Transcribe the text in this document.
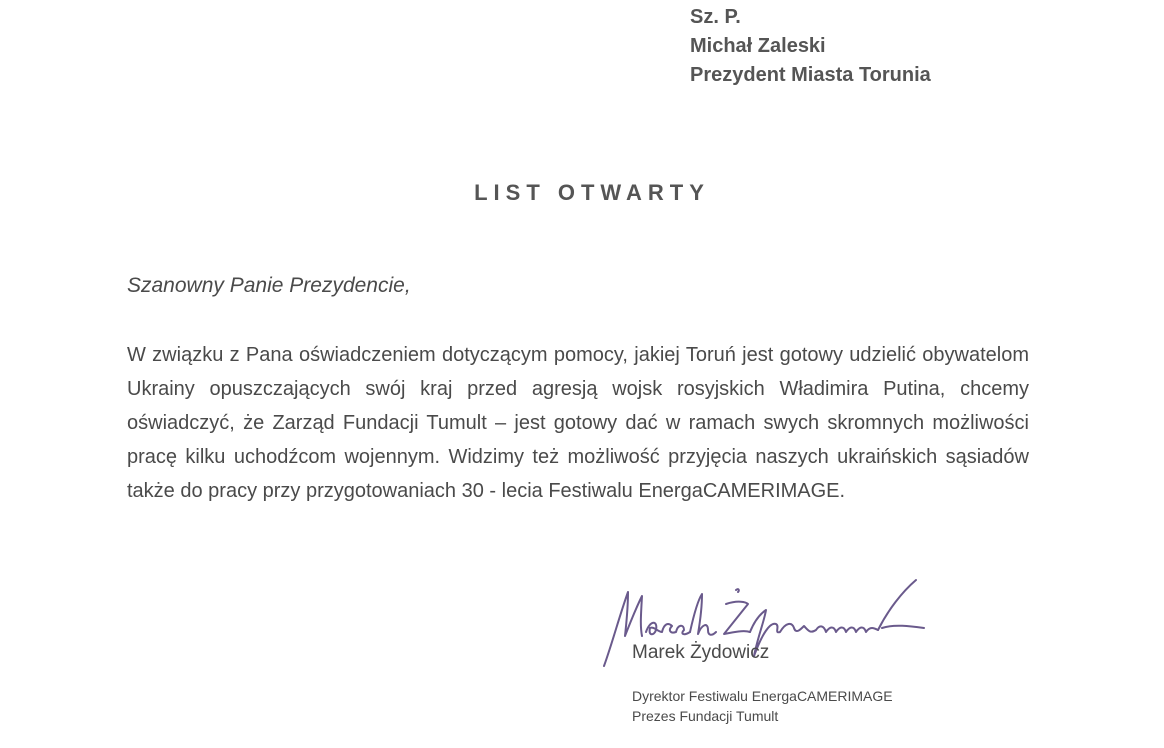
Sz. P.
Michał Zaleski
Prezydent Miasta Torunia
LIST OTWARTY
Szanowny Panie Prezydencie,
W związku z Pana oświadczeniem dotyczącym pomocy, jakiej Toruń jest gotowy udzielić obywatelom Ukrainy opuszczających swój kraj przed agresją wojsk rosyjskich Władimira Putina, chcemy oświadczyć, że Zarząd Fundacji Tumult – jest gotowy dać w ramach swych skromnych możliwości pracę kilku uchodźcom wojennym. Widzimy też możliwość przyjęcia naszych ukraińskich sąsiadów także do pracy przy przygotowaniach 30 - lecia Festiwalu EnergaCAMERIMAGE.
Marek Żydowicz
Dyrektor Festiwalu EnergaCAMERIMAGE
Prezes Fundacji Tumult
